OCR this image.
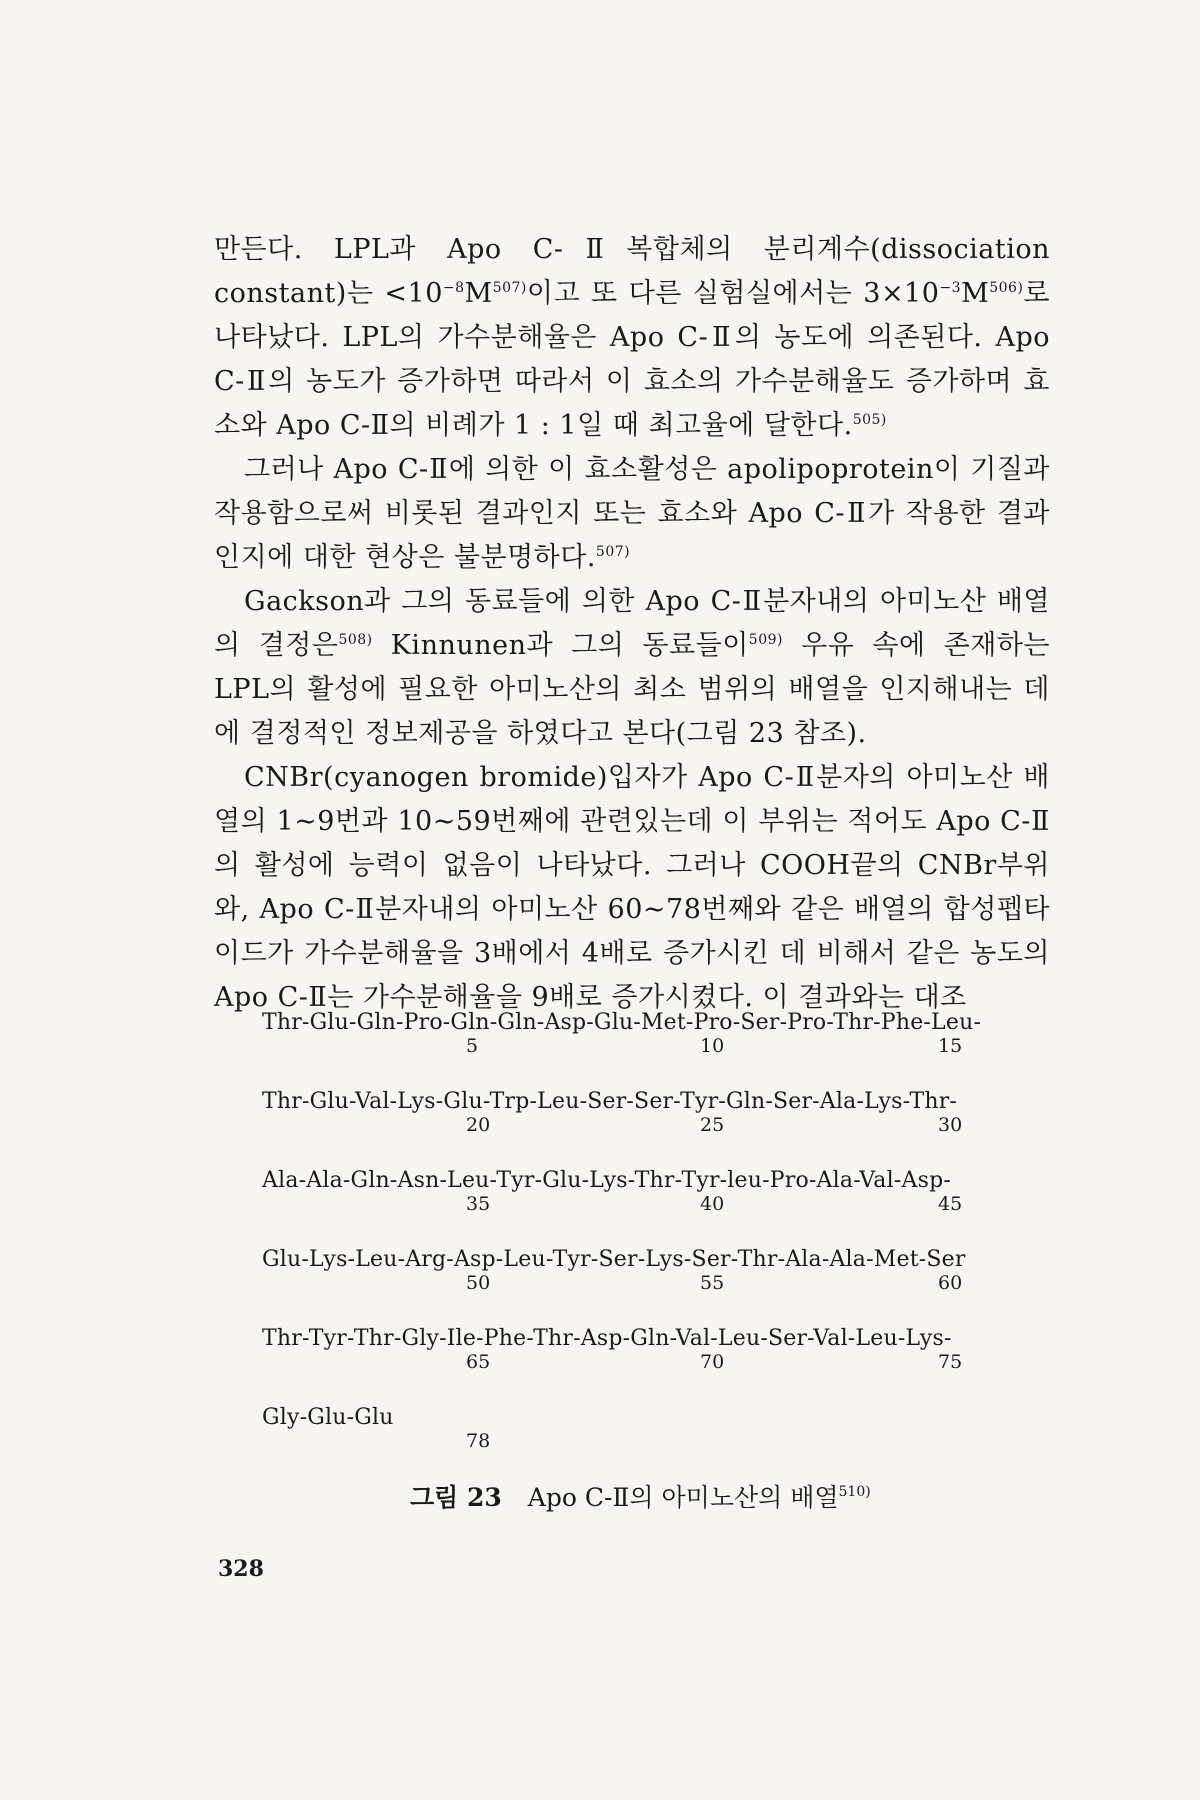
만든다. LPL과 Apo C-Ⅱ복합체의 분리계수(dissociation constant)는 $<10^{-8}M^{507)}$이고 또 다른 실험실에서는 $3\times 10^{-3}M^{506)}$로 나타났다. LPL의 가수분해율은 Apo C-Ⅱ의 농도에 의존된다. Apo C-Ⅱ의 농도가 증가하면 따라서 이 효소의 가수분해율도 증가하며 효소와 Apo C-Ⅱ의 비례가 1 : 1일 때 최고율에 달한다.$^{505)}$

그러나 Apo C-Ⅱ에 의한 이 효소활성은 apolipoprotein이 기질과 작용함으로써 비롯된 결과인지 또는 효소와 Apo C-Ⅱ가 작용한 결과인지에 대한 현상은 불분명하다.$^{507)}$

Gackson과 그의 동료들에 의한 Apo C-Ⅱ분자내의 아미노산 배열의 결정은$^{508)}$ Kinnunen과 그의 동료들이$^{509)}$ 우유 속에 존재하는 LPL의 활성에 필요한 아미노산의 최소 범위의 배열을 인지해내는 데에 결정적인 정보제공을 하였다고 본다(그림 23 참조).

CNBr(cyanogen bromide)입자가 Apo C-Ⅱ분자의 아미노산 배열의 1∼9번과 10∼59번째에 관련있는데 이 부위는 적어도 Apo C-Ⅱ의 활성에 능력이 없음이 나타났다. 그러나 COOH끝의 CNBr부위와, Apo C-Ⅱ분자내의 아미노산 60∼78번째와 같은 배열의 합성펩타이드가 가수분해율을 3배에서 4배로 증가시킨 데 비해서 같은 농도의 Apo C-Ⅱ는 가수분해율을 9배로 증가시켰다. 이 결과와는 대조

Thr-Glu-Gln-Pro-Gln-Gln-Asp-Glu-Met-Pro-Ser-Pro-Thr-Phe-Leu-
5	10	15
Thr-Glu-Val-Lys-Glu-Trp-Leu-Ser-Ser-Tyr-Gln-Ser-Ala-Lys-Thr-
20	25	30
Ala-Ala-Gln-Asn-Leu-Tyr-Glu-Lys-Thr-Tyr-leu-Pro-Ala-Val-Asp-
35	40	45
Glu-Lys-Leu-Arg-Asp-Leu-Tyr-Ser-Lys-Ser-Thr-Ala-Ala-Met-Ser
50	55	60
Thr-Tyr-Thr-Gly-Ile-Phe-Thr-Asp-Gln-Val-Leu-Ser-Val-Leu-Lys-
65	70	75
Gly-Glu-Glu
78
그림 23 Apo C-Ⅱ의 아미노산의 배열$^{510)}$
328
